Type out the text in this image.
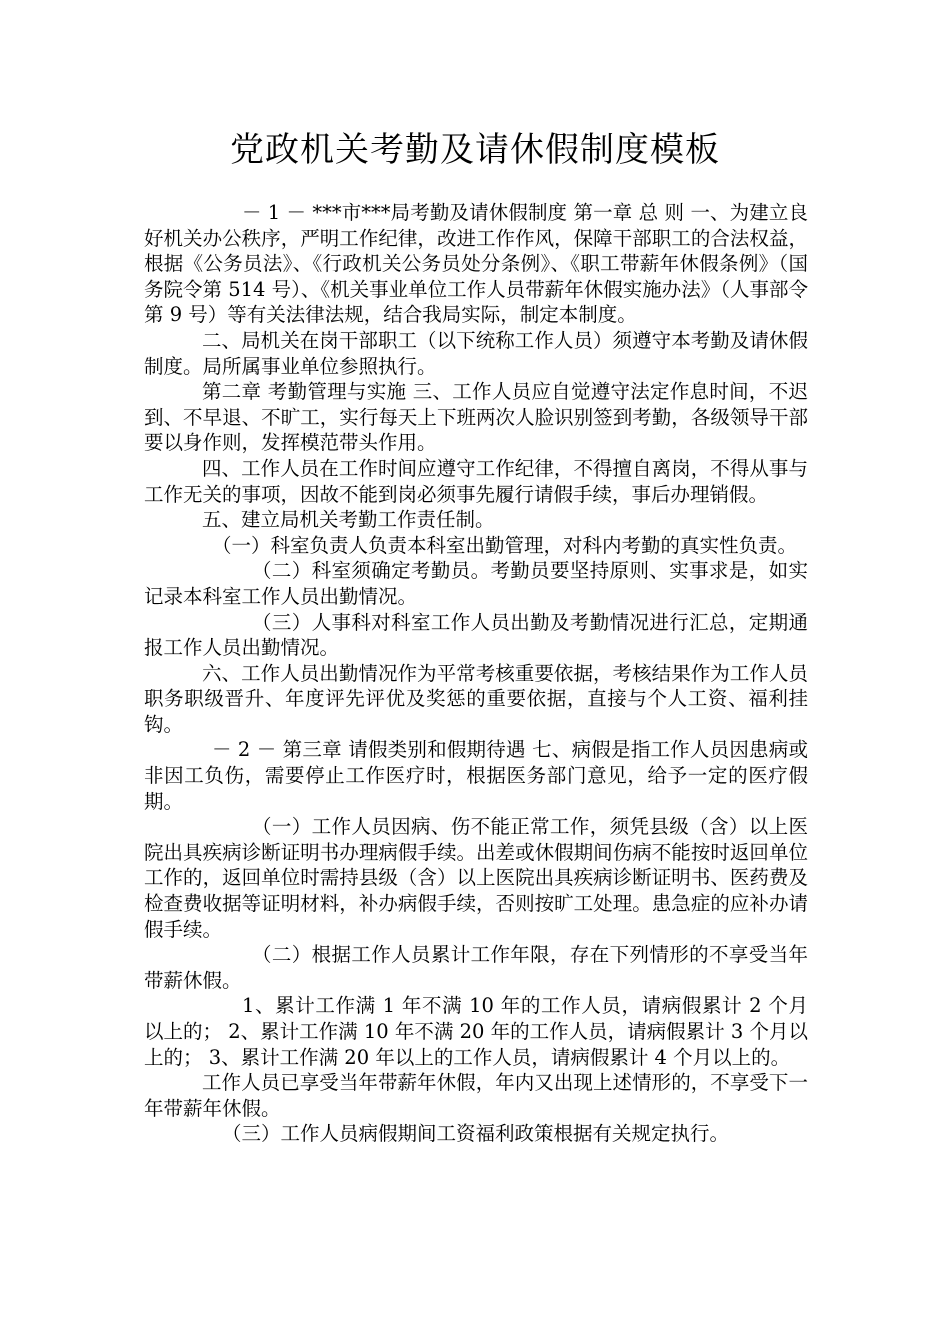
党政机关考勤及请休假制度模板

－ 1 － ***市***局考勤及请休假制度 第一章 总 则 一、为建立良好机关办公秩序，严明工作纪律，改进工作作风，保障干部职工的合法权益，根据《公务员法》、《行政机关公务员处分条例》、《职工带薪年休假条例》（国务院令第 514 号）、《机关事业单位工作人员带薪年休假实施办法》（人事部令第 9 号）等有关法律法规，结合我局实际，制定本制度。

二、局机关在岗干部职工（以下统称工作人员）须遵守本考勤及请休假制度。局所属事业单位参照执行。

第二章 考勤管理与实施 三、工作人员应自觉遵守法定作息时间，不迟到、不早退、不旷工，实行每天上下班两次人脸识别签到考勤，各级领导干部要以身作则，发挥模范带头作用。

四、工作人员在工作时间应遵守工作纪律，不得擅自离岗，不得从事与工作无关的事项，因故不能到岗必须事先履行请假手续，事后办理销假。

五、建立局机关考勤工作责任制。

（一）科室负责人负责本科室出勤管理，对科内考勤的真实性负责。

（二）科室须确定考勤员。考勤员要坚持原则、实事求是，如实记录本科室工作人员出勤情况。

（三）人事科对科室工作人员出勤及考勤情况进行汇总，定期通报工作人员出勤情况。

六、工作人员出勤情况作为平常考核重要依据，考核结果作为工作人员职务职级晋升、年度评先评优及奖惩的重要依据，直接与个人工资、福利挂钩。

－ 2 － 第三章 请假类别和假期待遇 七、病假是指工作人员因患病或非因工负伤，需要停止工作医疗时，根据医务部门意见，给予一定的医疗假期。

（一）工作人员因病、伤不能正常工作，须凭县级（含）以上医院出具疾病诊断证明书办理病假手续。出差或休假期间伤病不能按时返回单位工作的，返回单位时需持县级（含）以上医院出具疾病诊断证明书、医药费及检查费收据等证明材料，补办病假手续，否则按旷工处理。患急症的应补办请假手续。

（二）根据工作人员累计工作年限，存在下列情形的不享受当年带薪休假。

1、累计工作满 1 年不满 10 年的工作人员，请病假累计 2 个月以上的； 2、累计工作满 10 年不满 20 年的工作人员，请病假累计 3 个月以上的； 3、累计工作满 20 年以上的工作人员，请病假累计 4 个月以上的。

工作人员已享受当年带薪年休假，年内又出现上述情形的，不享受下一年带薪年休假。

（三）工作人员病假期间工资福利政策根据有关规定执行。
